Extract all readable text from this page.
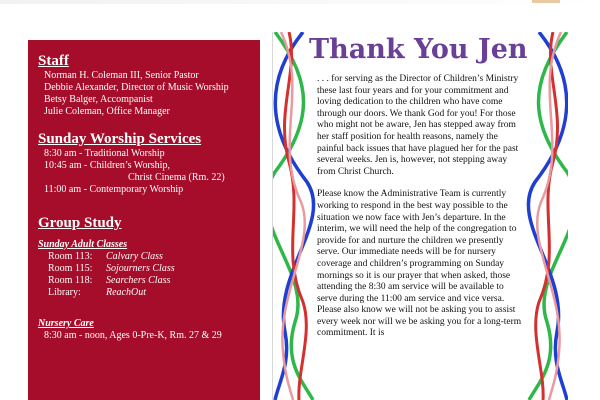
Staff
Norman H. Coleman III, Senior Pastor
Debbie Alexander, Director of Music Worship
Betsy Balger, Accompanist
Julie Coleman, Office Manager
Sunday Worship Services
8:30 am - Traditional Worship
10:45 am - Children’s Worship,
Christ Cinema (Rm. 22)
11:00 am - Contemporary Worship
Group Study
Sunday Adult Classes
Room 113:	Calvary Class
Room 115:	Sojourners Class
Room 118:	Searchers Class
Library:	ReachOut
Nursery Care
8:30 am - noon, Ages 0-Pre-K, Rm. 27 & 29
Thank You Jen

. . . for serving as the Director of Children’s Ministry these last four years and for your commitment and loving dedication to the children who have come through our doors. We thank God for you! For those who might not be aware, Jen has stepped away from her staff position for health reasons, namely the painful back issues that have plagued her for the past several weeks. Jen is, however, not stepping away from Christ Church.

Please know the Administrative Team is currently working to respond in the best way possible to the situation we now face with Jen’s departure. In the interim, we will need the help of the congregation to provide for and nurture the children we presently serve. Our immediate needs will be for nursery coverage and children’s programming on Sunday mornings so it is our prayer that when asked, those attending the 8:30 am service will be available to serve during the 11:00 am service and vice versa. Please also know we will not be asking you to assist every week nor will we be asking you for a long-term commitment. It is
